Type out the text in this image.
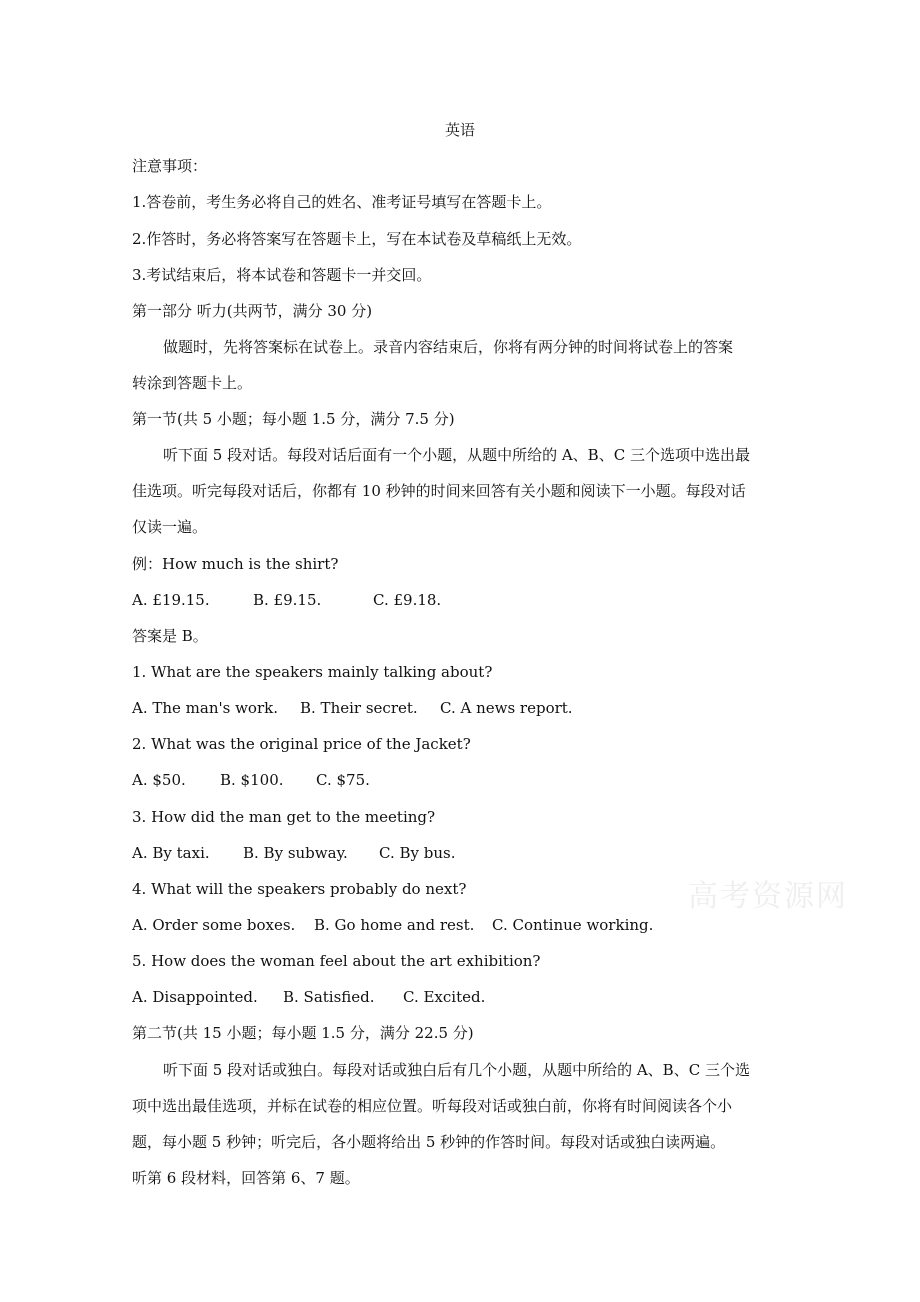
英语
注意事项：
1.答卷前，考生务必将自己的姓名、准考证号填写在答题卡上。
2.作答时，务必将答案写在答题卡上，写在本试卷及草稿纸上无效。
3.考试结束后，将本试卷和答题卡一并交回。
第一部分 听力(共两节，满分 30 分)
做题时，先将答案标在试卷上。录音内容结束后，你将有两分钟的时间将试卷上的答案
转涂到答题卡上。
第一节(共 5 小题；每小题 1.5 分，满分 7.5 分)
听下面 5 段对话。每段对话后面有一个小题，从题中所给的 A、B、C 三个选项中选出最
佳选项。听完每段对话后，你都有 10 秒钟的时间来回答有关小题和阅读下一小题。每段对话
仅读一遍。
例：How much is the shirt?
A. £19.15.	B. £9.15.	C. £9.18.
答案是 B。
1. What are the speakers mainly talking about?
A. The man's work. B. Their secret. C. A news report.
2. What was the original price of the Jacket?
A. $50. B. $100. C. $75.
3. How did the man get to the meeting?
A. By taxi. B. By subway. C. By bus.
4. What will the speakers probably do next?
A. Order some boxes. B. Go home and rest. C. Continue working.
5. How does the woman feel about the art exhibition?
A. Disappointed. B. Satisfied. C. Excited.
第二节(共 15 小题；每小题 1.5 分，满分 22.5 分)
听下面 5 段对话或独白。每段对话或独白后有几个小题，从题中所给的 A、B、C 三个选
项中选出最佳选项，并标在试卷的相应位置。听每段对话或独白前，你将有时间阅读各个小
题，每小题 5 秒钟；听完后，各小题将给出 5 秒钟的作答时间。每段对话或独白读两遍。
听第 6 段材料，回答第 6、7 题。
高考资源网
